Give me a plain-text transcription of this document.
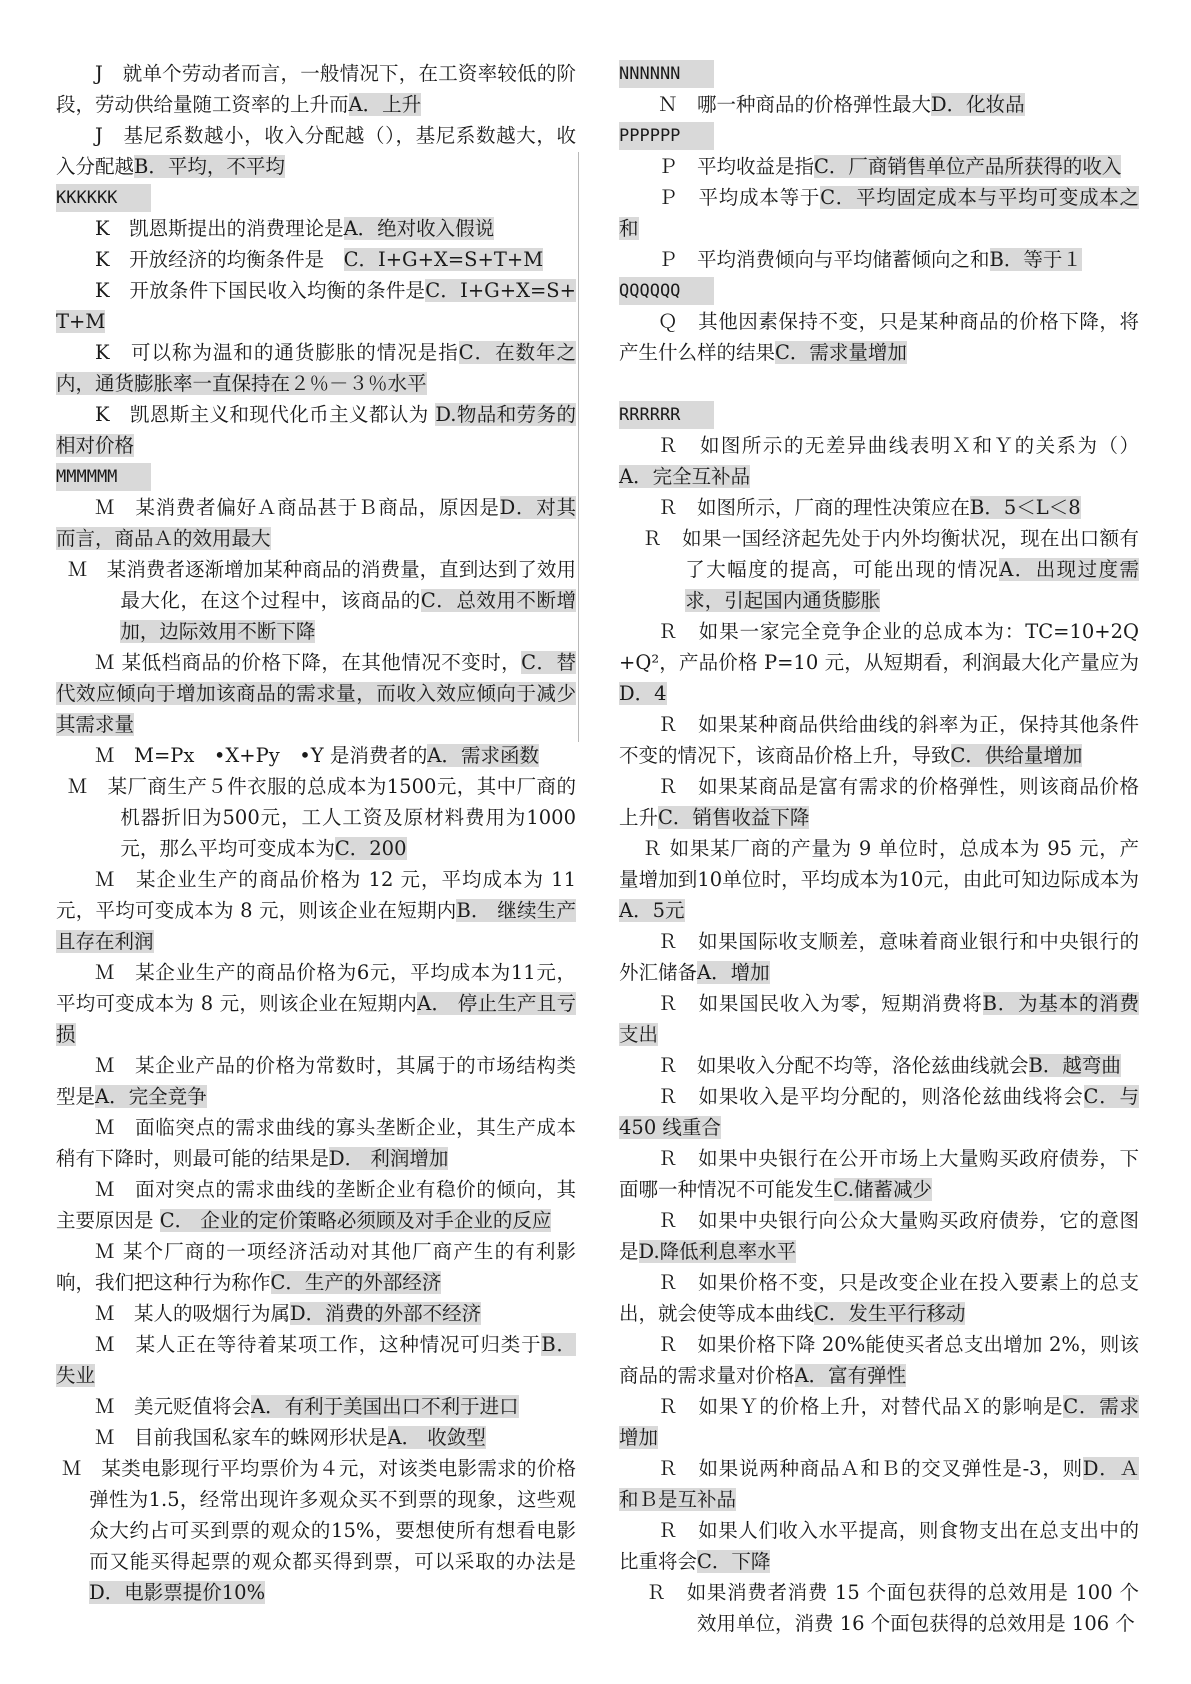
J　就单个劳动者而言，一般情况下，在工资率较低的阶段，劳动供给量随工资率的上升而A．上升

J　基尼系数越小，收入分配越（），基尼系数越大，收入分配越B．平均，不平均

KKKKKK

K　凯恩斯提出的消费理论是A．绝对收入假说

K　开放经济的均衡条件是　C．I+G+X=S+T+M

K　开放条件下国民收入均衡的条件是C．I+G+X=S+T+M

K　可以称为温和的通货膨胀的情况是指C．在数年之内，通货膨胀率一直保持在２％－３％水平

K　凯恩斯主义和现代化币主义都认为 D.物品和劳务的相对价格

MMMMMM

Ｍ　某消费者偏好Ａ商品甚于Ｂ商品，原因是D．对其而言，商品Ａ的效用最大

Ｍ　某消费者逐渐增加某种商品的消费量，直到达到了效用最大化，在这个过程中，该商品的C．总效用不断增加，边际效用不断下降

Ｍ 某低档商品的价格下降，在其他情况不变时，C．替代效应倾向于增加该商品的需求量，而收入效应倾向于减少其需求量

Ｍ　M=Px　•X+Py　•Y 是消费者的A．需求函数

Ｍ　某厂商生产５件衣服的总成本为1500元，其中厂商的机器折旧为500元，工人工资及原材料费用为1000元，那么平均可变成本为C．200

Ｍ　某企业生产的商品价格为 12 元，平均成本为 11 元，平均可变成本为 8 元，则该企业在短期内B． 继续生产且存在利润

Ｍ　某企业生产的商品价格为6元，平均成本为11元，平均可变成本为 8 元，则该企业在短期内A． 停止生产且亏损

Ｍ　某企业产品的价格为常数时，其属于的市场结构类型是A．完全竞争

Ｍ　面临突点的需求曲线的寡头垄断企业，其生产成本稍有下降时，则最可能的结果是D． 利润增加

Ｍ　面对突点的需求曲线的垄断企业有稳价的倾向，其主要原因是 C． 企业的定价策略必须顾及对手企业的反应

Ｍ 某个厂商的一项经济活动对其他厂商产生的有利影响，我们把这种行为称作C．生产的外部经济

Ｍ　某人的吸烟行为属D．消费的外部不经济

Ｍ　某人正在等待着某项工作，这种情况可归类于B．失业

Ｍ　美元贬值将会A．有利于美国出口不利于进口

Ｍ　目前我国私家车的蛛网形状是A． 收敛型

Ｍ　某类电影现行平均票价为４元，对该类电影需求的价格弹性为1.5，经常出现许多观众买不到票的现象，这些观众大约占可买到票的观众的15%，要想使所有想看电影而又能买得起票的观众都买得到票，可以采取的办法是D．电影票提价10%

NNNNNN

Ｎ　哪一种商品的价格弹性最大D．化妆品

PPPPPP

Ｐ　平均收益是指C．厂商销售单位产品所获得的收入

Ｐ　平均成本等于C．平均固定成本与平均可变成本之和

Ｐ　平均消费倾向与平均储蓄倾向之和B．等于１

QQQQQQ

Ｑ　其他因素保持不变，只是某种商品的价格下降，将产生什么样的结果C．需求量增加

RRRRRR

Ｒ　如图所示的无差异曲线表明Ｘ和Ｙ的关系为（）A．完全互补品

Ｒ　如图所示，厂商的理性决策应在B．5＜L＜8

Ｒ　如果一国经济起先处于内外均衡状况，现在出口额有了大幅度的提高，可能出现的情况A．出现过度需求，引起国内通货膨胀

Ｒ　如果一家完全竞争企业的总成本为：TC=10+2Q+Q²，产品价格 P=10 元，从短期看，利润最大化产量应为D．4

Ｒ　如果某种商品供给曲线的斜率为正，保持其他条件不变的情况下，该商品价格上升，导致C．供给量增加

Ｒ　如果某商品是富有需求的价格弹性，则该商品价格上升C．销售收益下降

Ｒ 如果某厂商的产量为 9 单位时，总成本为 95 元，产量增加到10单位时，平均成本为10元，由此可知边际成本为A．5元

Ｒ　如果国际收支顺差，意味着商业银行和中央银行的外汇储备A．增加

Ｒ　如果国民收入为零，短期消费将B．为基本的消费支出

Ｒ　如果收入分配不均等，洛伦兹曲线就会B．越弯曲

Ｒ　如果收入是平均分配的，则洛伦兹曲线将会C．与 450 线重合

Ｒ　如果中央银行在公开市场上大量购买政府债券，下面哪一种情况不可能发生C.储蓄减少

Ｒ　如果中央银行向公众大量购买政府债券，它的意图是D.降低利息率水平

Ｒ　如果价格不变，只是改变企业在投入要素上的总支出，就会使等成本曲线C．发生平行移动

Ｒ　如果价格下降 20%能使买者总支出增加 2%，则该商品的需求量对价格A．富有弹性

Ｒ　如果Ｙ的价格上升，对替代品Ｘ的影响是C．需求增加

Ｒ　如果说两种商品Ａ和Ｂ的交叉弹性是-3，则D．Ａ和Ｂ是互补品

Ｒ　如果人们收入水平提高，则食物支出在总支出中的比重将会C．下降

Ｒ　如果消费者消费 15 个面包获得的总效用是 100 个效用单位，消费 16 个面包获得的总效用是 106 个
